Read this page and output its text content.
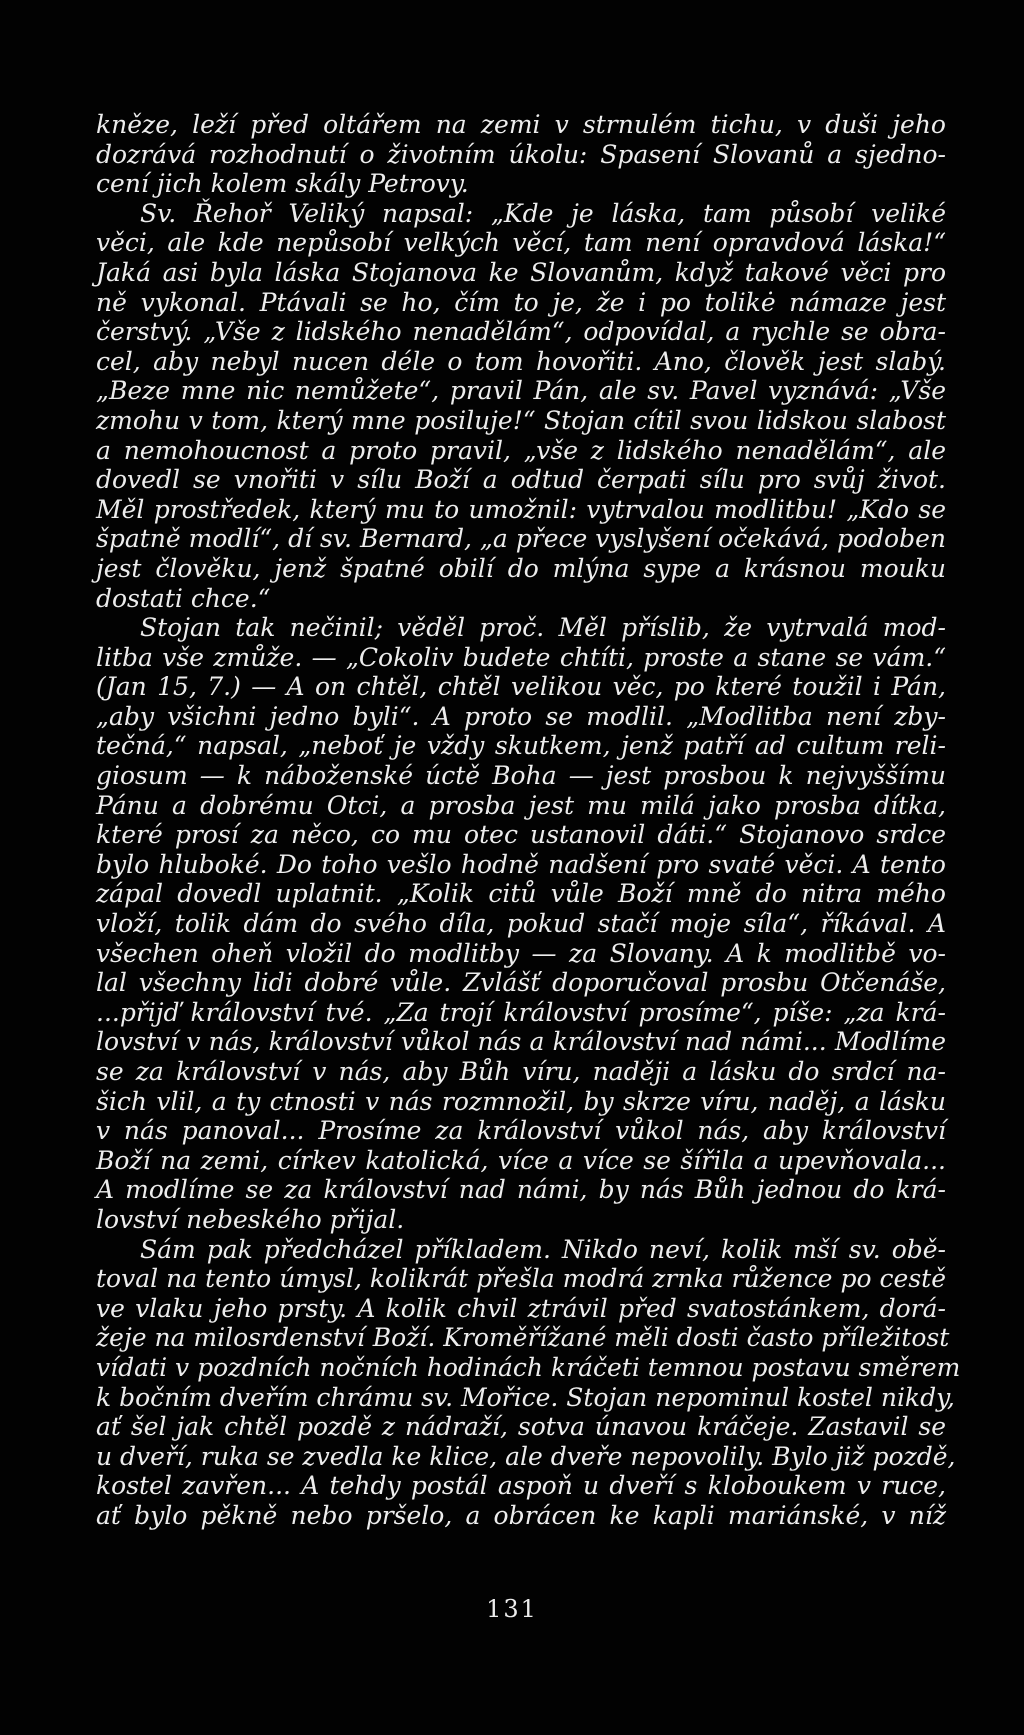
kněze, leží před oltářem na zemi v strnulém tichu, v duši jeho
dozrává rozhodnutí o životním úkolu: Spasení Slovanů a sjedno-
cení jich kolem skály Petrovy.
Sv. Řehoř Veliký napsal: „Kde je láska, tam působí veliké
věci, ale kde nepůsobí velkých věcí, tam není opravdová láska!“
Jaká asi byla láska Stojanova ke Slovanům, když takové věci pro
ně vykonal. Ptávali se ho, čím to je, že i po tolikė námaze jest
čerstvý. „Vše z lidského nenadělám“, odpovídal, a rychle se obra-
cel, aby nebyl nucen déle o tom hovořiti. Ano, člověk jest slabý.
„Beze mne nic nemůžete“, pravil Pán, ale sv. Pavel vyznává: „Vše
zmohu v tom, který mne posiluje!“ Stojan cítil svou lidskou slabost
a nemohoucnost a proto pravil, „vše z lidského nenadělám“, ale
dovedl se vnořiti v sílu Boží a odtud čerpati sílu pro svůj život.
Měl prostředek, který mu to umožnil: vytrvalou modlitbu! „Kdo se
špatně modlí“, dí sv. Bernard, „a přece vyslyšení očekává, podoben
jest člověku, jenž špatné obilí do mlýna sype a krásnou mouku
dostati chce.“
Stojan tak nečinil; věděl proč. Měl příslib, že vytrvalá mod-
litba vše zmůže. — „Cokoliv budete chtíti, proste a stane se vám.“
(Jan 15, 7.) — A on chtěl, chtěl velikou věc, po které toužil i Pán,
„aby všichni jedno byli“. A proto se modlil. „Modlitba není zby-
tečná,“ napsal, „neboť je vždy skutkem, jenž patří ad cultum reli-
giosum — k náboženské úctě Boha — jest prosbou k nejvyššímu
Pánu a dobrému Otci, a prosba jest mu milá jako prosba dítka,
které prosí za něco, co mu otec ustanovil dáti.“ Stojanovo srdce
bylo hluboké. Do toho vešlo hodně nadšení pro svaté věci. A tento
zápal dovedl uplatnit. „Kolik citů vůle Boží mně do nitra mého
vloží, tolik dám do svého díla, pokud stačí moje síla“, říkával. A
všechen oheň vložil do modlitby — za Slovany. A k modlitbě vo-
lal všechny lidi dobré vůle. Zvlášť doporučoval prosbu Otčenáše,
...přijď království tvé. „Za trojí království prosíme“, píše: „za krá-
lovství v nás, království vůkol nás a království nad námi... Modlíme
se za království v nás, aby Bůh víru, naději a lásku do srdcí na-
šich vlil, a ty ctnosti v nás rozmnožil, by skrze víru, naděj, a lásku
v nás panoval... Prosíme za království vůkol nás, aby království
Boží na zemi, církev katolická, více a více se šířila a upevňovala...
A modlíme se za království nad námi, by nás Bůh jednou do krá-
lovství nebeského přijal.
Sám pak předcházel příkladem. Nikdo neví, kolik mší sv. obě-
toval na tento úmysl, kolikrát přešla modrá zrnka růžence po cestě
ve vlaku jeho prsty. A kolik chvil ztrávil před svatostánkem, dorá-
žeje na milosrdenství Boží. Kroměřížané měli dosti často příležitost
vídati v pozdních nočních hodinách kráčeti temnou postavu směrem
k bočním dveřím chrámu sv. Mořice. Stojan nepominul kostel nikdy,
ať šel jak chtěl pozdě z nádraží, sotva únavou kráčeje. Zastavil se
u dveří, ruka se zvedla ke klice, ale dveře nepovolily. Bylo již pozdě,
kostel zavřen... A tehdy postál aspoň u dveří s kloboukem v ruce,
ať bylo pěkně nebo pršelo, a obrácen ke kapli mariánské, v níž
131
